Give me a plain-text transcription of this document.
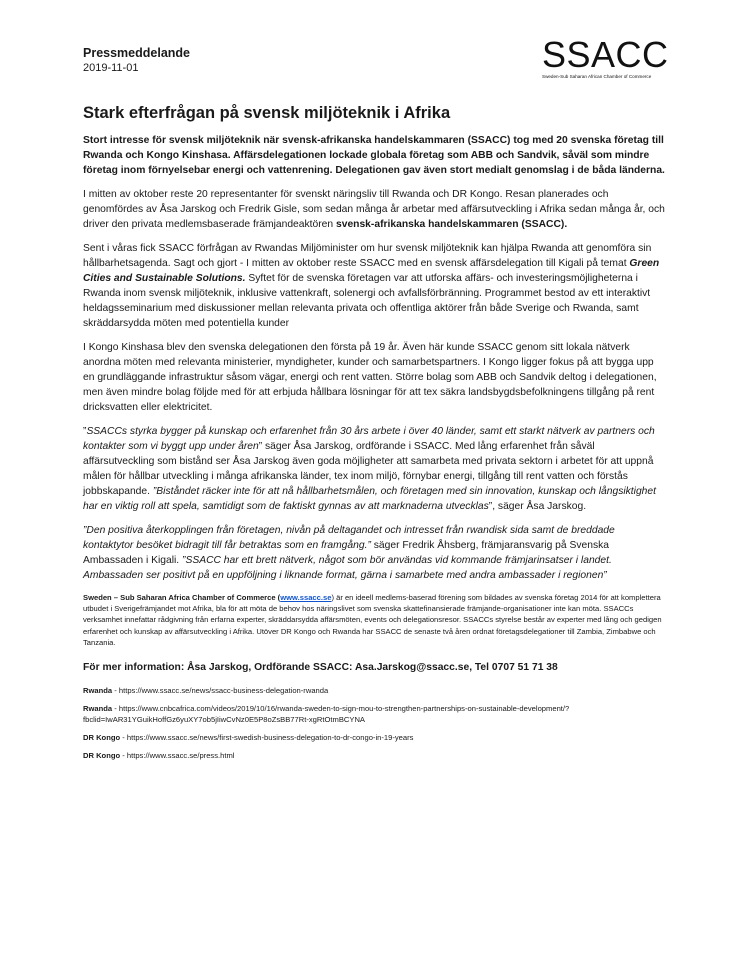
Pressmeddelande
2019-11-01	SSACC
Sweden-Sub Saharan African Chamber of Commerce
Stark efterfrågan på svensk miljöteknik i Afrika

Stort intresse för svensk miljöteknik när svensk-afrikanska handelskammaren (SSACC) tog med 20 svenska företag till Rwanda och Kongo Kinshasa. Affärsdelegationen lockade globala företag som ABB och Sandvik, såväl som mindre företag inom förnyelsebar energi och vattenrening. Delegationen gav även stort medialt genomslag i de båda länderna.

I mitten av oktober reste 20 representanter för svenskt näringsliv till Rwanda och DR Kongo. Resan planerades och genomfördes av Åsa Jarskog och Fredrik Gisle, som sedan många år arbetar med affärsutveckling i Afrika sedan många år, och driver den privata medlemsbaserade främjandeaktören svensk-afrikanska handelskammaren (SSACC).

Sent i våras fick SSACC förfrågan av Rwandas Miljöminister om hur svensk miljöteknik kan hjälpa Rwanda att genomföra sin hållbarhetsagenda. Sagt och gjort - I mitten av oktober reste SSACC med en svensk affärsdelegation till Kigali på temat Green Cities and Sustainable Solutions. Syftet för de svenska företagen var att utforska affärs- och investeringsmöjligheterna i Rwanda inom svensk miljöteknik, inklusive vattenkraft, solenergi och avfallsförbränning. Programmet bestod av ett interaktivt heldagsseminarium med diskussioner mellan relevanta privata och offentliga aktörer från både Sverige och Rwanda, samt skräddarsydda möten med potentiella kunder

I Kongo Kinshasa blev den svenska delegationen den första på 19 år. Även här kunde SSACC genom sitt lokala nätverk anordna möten med relevanta ministerier, myndigheter, kunder och samarbetspartners. I Kongo ligger fokus på att bygga upp en grundläggande infrastruktur såsom vägar, energi och rent vatten. Större bolag som ABB och Sandvik deltog i delegationen, men även mindre bolag följde med för att erbjuda hållbara lösningar för att tex säkra landsbygdsbefolkningens tillgång på rent dricksvatten eller elektricitet.

”SSACCs styrka bygger på kunskap och erfarenhet från 30 års arbete i över 40 länder, samt ett starkt nätverk av partners och kontakter som vi byggt upp under åren” säger Åsa Jarskog, ordförande i SSACC. Med lång erfarenhet från såväl affärsutveckling som bistånd ser Åsa Jarskog även goda möjligheter att samarbeta med privata sektorn i arbetet för att uppnå målen för hållbar utveckling i många afrikanska länder, tex inom miljö, förnybar energi, tillgång till rent vatten och förstås jobbskapande. ”Biståndet räcker inte för att nå hållbarhetsmålen, och företagen med sin innovation, kunskap och långsiktighet har en viktig roll att spela, samtidigt som de faktiskt gynnas av att marknaderna utvecklas”, säger Åsa Jarskog.

”Den positiva återkopplingen från företagen, nivån på deltagandet och intresset från rwandisk sida samt de breddade kontaktytor besöket bidragit till får betraktas som en framgång.” säger Fredrik Åhsberg, främjaransvarig på Svenska Ambassaden i Kigali. ”SSACC har ett brett nätverk, något som bör användas vid kommande främjarinsatser i landet. Ambassaden ser positivt på en uppföljning i liknande format, gärna i samarbete med andra ambassader i regionen”

Sweden – Sub Saharan Africa Chamber of Commerce (www.ssacc.se) är en ideell medlems-baserad förening som bildades av svenska företag 2014 för att komplettera utbudet i Sverigefrämjandet mot Afrika, bla för att möta de behov hos näringslivet som svenska skattefinansierade främjande-organisationer inte kan möta. SSACCs verksamhet innefattar rådgivning från erfarna experter, skräddarsydda affärsmöten, events och delegationsresor. SSACCs styrelse består av experter med lång och gedigen erfarenhet och kunskap av affärsutveckling i Afrika. Utöver DR Kongo och Rwanda har SSACC de senaste två åren ordnat företagsdelegationer till Zambia, Zimbabwe och Tanzania.

För mer information: Åsa Jarskog, Ordförande SSACC: Asa.Jarskog@ssacc.se, Tel 0707 51 71 38
Rwanda - https://www.ssacc.se/news/ssacc-business-delegation-rwanda
Rwanda - https://www.cnbcafrica.com/videos/2019/10/16/rwanda-sweden-to-sign-mou-to-strengthen-partnerships-on-sustainable-development/?fbclid=IwAR31YGuikHoffGz6yuXY7ob5jIiwCvNz0E5P8oZsBB77Rt-xgRtOtmBCYNA
DR Kongo - https://www.ssacc.se/news/first-swedish-business-delegation-to-dr-congo-in-19-years
DR Kongo - https://www.ssacc.se/press.html
